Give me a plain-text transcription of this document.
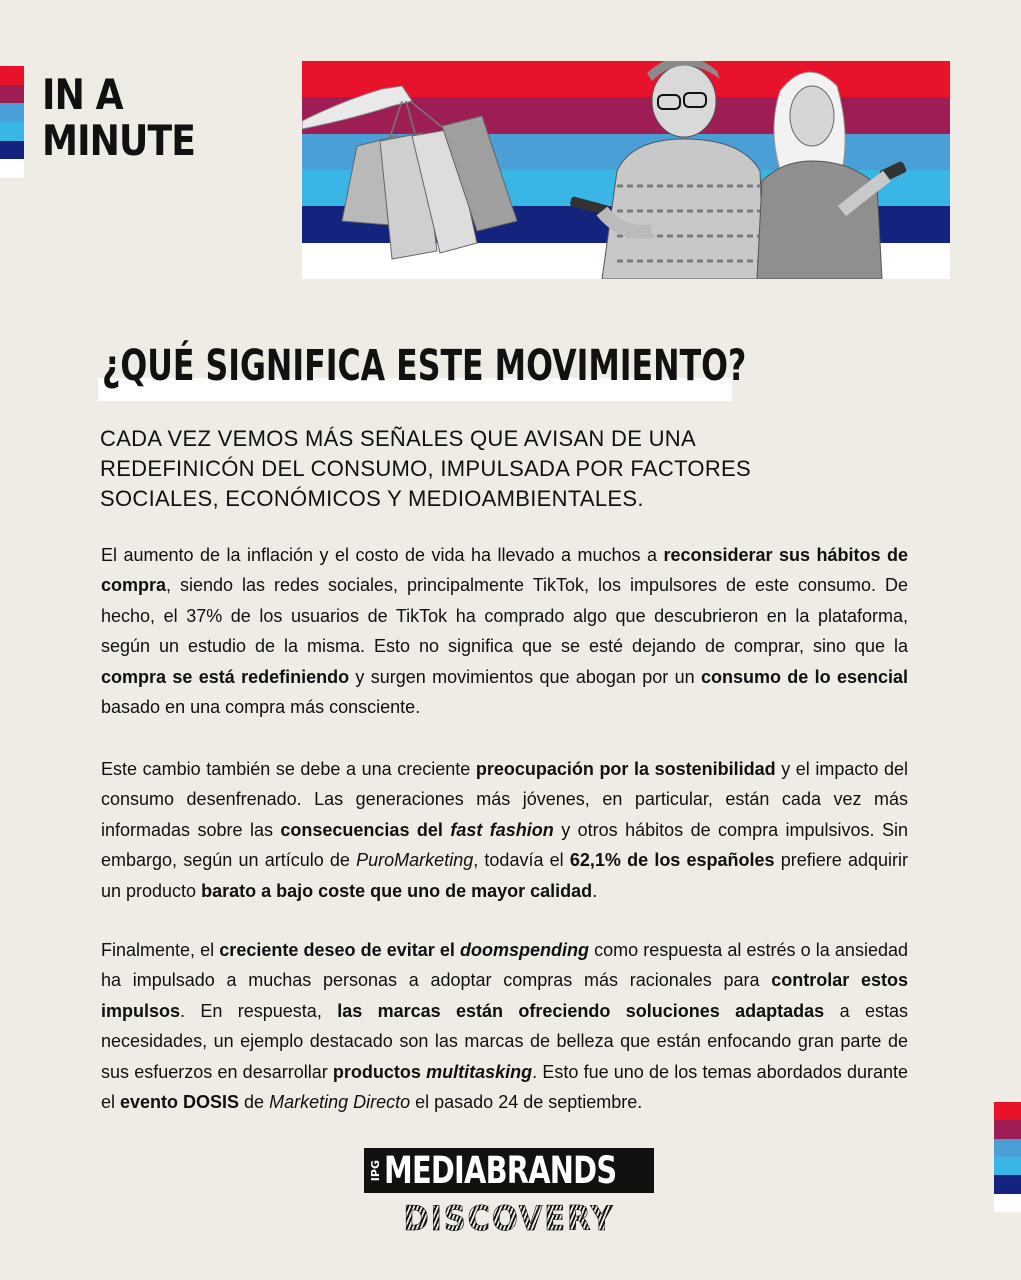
IN A
MINUTE
¿QUÉ SIGNIFICA ESTE MOVIMIENTO?
CADA VEZ VEMOS MÁS SEÑALES QUE AVISAN DE UNA REDEFINICÓN DEL CONSUMO, IMPULSADA POR FACTORES SOCIALES, ECONÓMICOS Y MEDIOAMBIENTALES.

El aumento de la inflación y el costo de vida ha llevado a muchos a reconsiderar sus hábitos de compra, siendo las redes sociales, principalmente TikTok, los impulsores de este consumo. De hecho, el 37% de los usuarios de TikTok ha comprado algo que descubrieron en la plataforma, según un estudio de la misma. Esto no significa que se esté dejando de comprar, sino que la compra se está redefiniendo y surgen movimientos que abogan por un consumo de lo esencial basado en una compra más consciente.

Este cambio también se debe a una creciente preocupación por la sostenibilidad y el impacto del consumo desenfrenado. Las generaciones más jóvenes, en particular, están cada vez más informadas sobre las consecuencias del fast fashion y otros hábitos de compra impulsivos. Sin embargo, según un artículo de PuroMarketing, todavía el 62,1% de los españoles prefiere adquirir un producto barato a bajo coste que uno de mayor calidad.

Finalmente, el creciente deseo de evitar el doomspending como respuesta al estrés o la ansiedad ha impulsado a muchas personas a adoptar compras más racionales para controlar estos impulsos. En respuesta, las marcas están ofreciendo soluciones adaptadas a estas necesidades, un ejemplo destacado son las marcas de belleza que están enfocando gran parte de sus esfuerzos en desarrollar productos multitasking. Esto fue uno de los temas abordados durante el evento DOSIS de Marketing Directo el pasado 24 de septiembre.

IPG MEDIABRANDS
DISCOVERY
